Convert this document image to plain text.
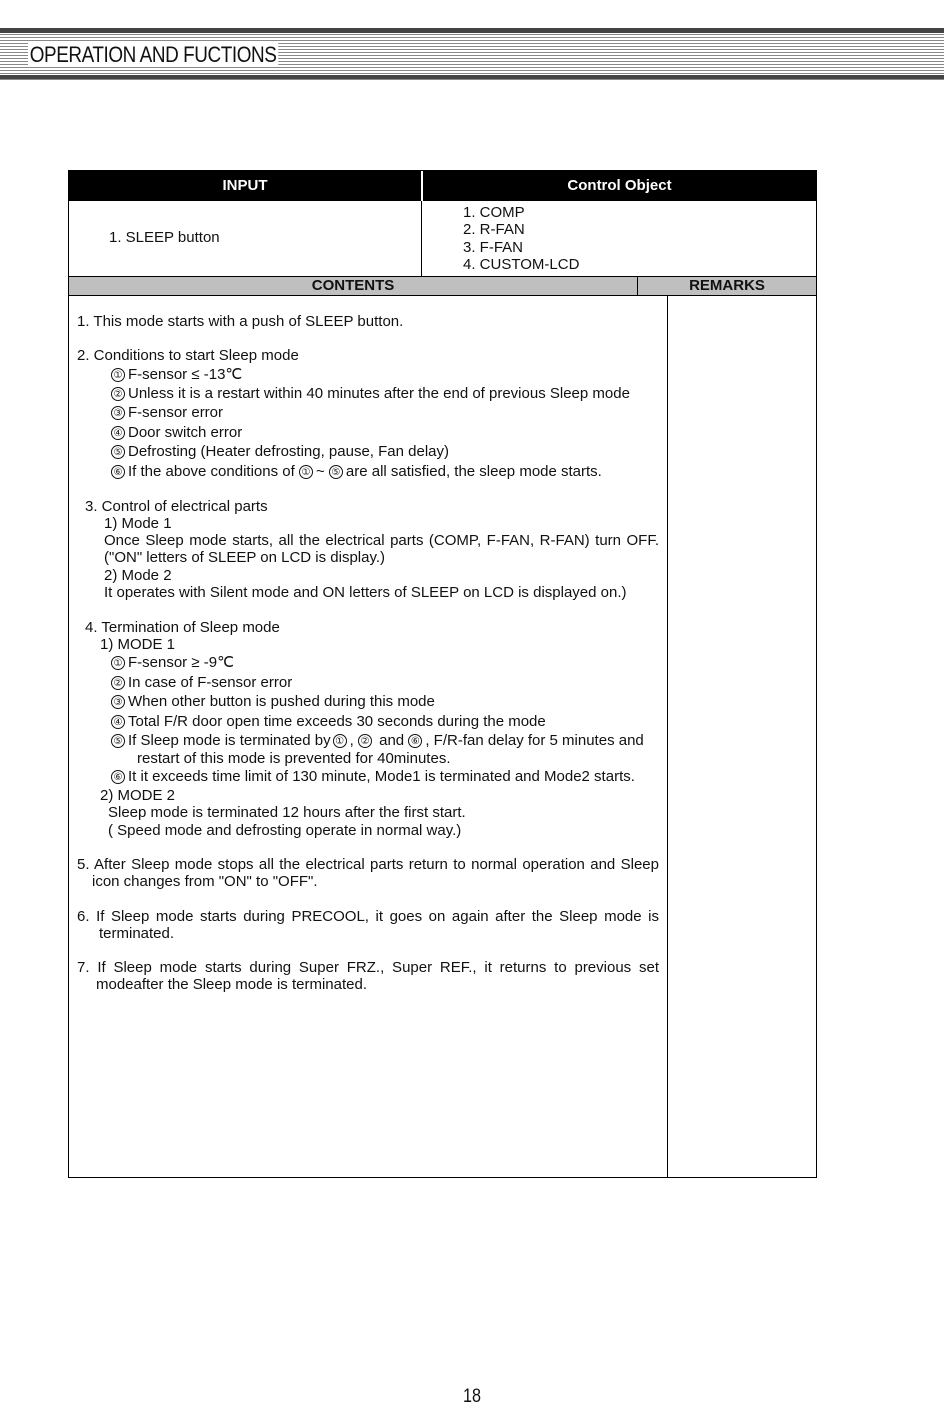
OPERATION AND FUCTIONS
INPUT	Control Object
1. SLEEP button
1. COMP
2. R-FAN
3. F-FAN
4. CUSTOM-LCD
CONTENTS	REMARKS
1. This mode starts with a push of SLEEP button.
2. Conditions to start Sleep mode
① F-sensor ≤ -13℃
② Unless it is a restart within 40 minutes after the end of previous Sleep mode
③ F-sensor error
④ Door switch error
⑤ Defrosting (Heater defrosting, pause, Fan delay)
⑥ If the above conditions of ① ~ ⑤ are all satisfied, the sleep mode starts.
3. Control of electrical parts
1) Mode 1
Once Sleep mode starts, all the electrical parts (COMP, F-FAN, R-FAN) turn OFF.
("ON" letters of SLEEP on LCD is display.)
2) Mode 2
It operates with Silent mode and ON letters of SLEEP on LCD is displayed on.)
4. Termination of Sleep mode
1) MODE 1
① F-sensor ≥ -9℃
② In case of F-sensor error
③ When other button is pushed during this mode
④ Total F/R door open time exceeds 30 seconds during the mode
⑤ If Sleep mode is terminated by ① , ② and ⑥ , F/R-fan delay for 5 minutes and
restart of this mode is prevented for 40minutes.
⑥ It it exceeds time limit of 130 minute, Mode1 is terminated and Mode2 starts.
2) MODE 2
Sleep mode is terminated 12 hours after the first start.
( Speed mode and defrosting operate in normal way.)
5. After Sleep mode stops all the electrical parts return to normal operation and Sleep
icon changes from "ON" to "OFF".
6. If Sleep mode starts during PRECOOL, it goes on again after the Sleep mode is
terminated.
7. If Sleep mode starts during Super FRZ., Super REF., it returns to previous set
modeafter the Sleep mode is terminated.
18
